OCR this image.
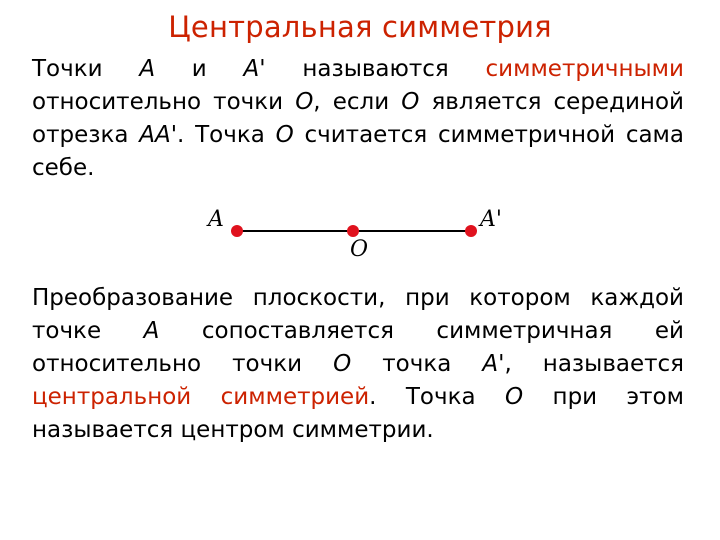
Центральная симметрия
Точки A и A' называются симметричными относительно точки O, если O является серединой отрезка AA'. Точка O считается симметричной сама себе.
A	A'
O
Преобразование плоскости, при котором каждой точке A сопоставляется симметричная ей относительно точки O точка A', называется центральной симметрией. Точка O при этом называется центром симметрии.
